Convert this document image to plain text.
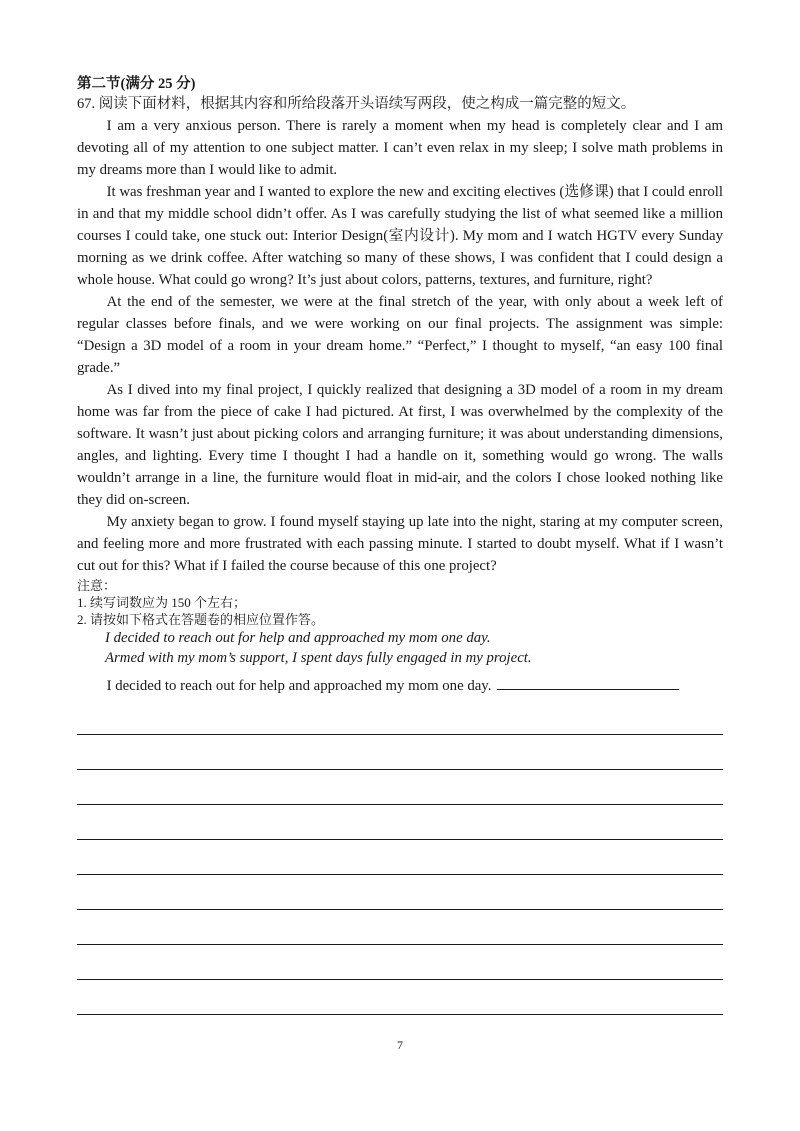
第二节(满分 25 分)

67. 阅读下面材料，根据其内容和所给段落开头语续写两段，使之构成一篇完整的短文。

I am a very anxious person. There is rarely a moment when my head is completely clear and I am devoting all of my attention to one subject matter. I can’t even relax in my sleep; I solve math problems in my dreams more than I would like to admit.

It was freshman year and I wanted to explore the new and exciting electives (选修课) that I could enroll in and that my middle school didn’t offer. As I was carefully studying the list of what seemed like a million courses I could take, one stuck out: Interior Design(室内设计). My mom and I watch HGTV every Sunday morning as we drink coffee. After watching so many of these shows, I was confident that I could design a whole house. What could go wrong? It’s just about colors, patterns, textures, and furniture, right?

At the end of the semester, we were at the final stretch of the year, with only about a week left of regular classes before finals, and we were working on our final projects. The assignment was simple: “Design a 3D model of a room in your dream home.” “Perfect,” I thought to myself, “an easy 100 final grade.”

As I dived into my final project, I quickly realized that designing a 3D model of a room in my dream home was far from the piece of cake I had pictured. At first, I was overwhelmed by the complexity of the software. It wasn’t just about picking colors and arranging furniture; it was about understanding dimensions, angles, and lighting. Every time I thought I had a handle on it, something would go wrong. The walls wouldn’t arrange in a line, the furniture would float in mid-air, and the colors I chose looked nothing like they did on-screen.

My anxiety began to grow. I found myself staying up late into the night, staring at my computer screen, and feeling more and more frustrated with each passing minute. I started to doubt myself. What if I wasn’t cut out for this? What if I failed the course because of this one project?

注意：

1. 续写词数应为 150 个左右；

2. 请按如下格式在答题卷的相应位置作答。

I decided to reach out for help and approached my mom one day.

Armed with my mom’s support, I spent days fully engaged in my project.

I decided to reach out for help and approached my mom one day.

7
